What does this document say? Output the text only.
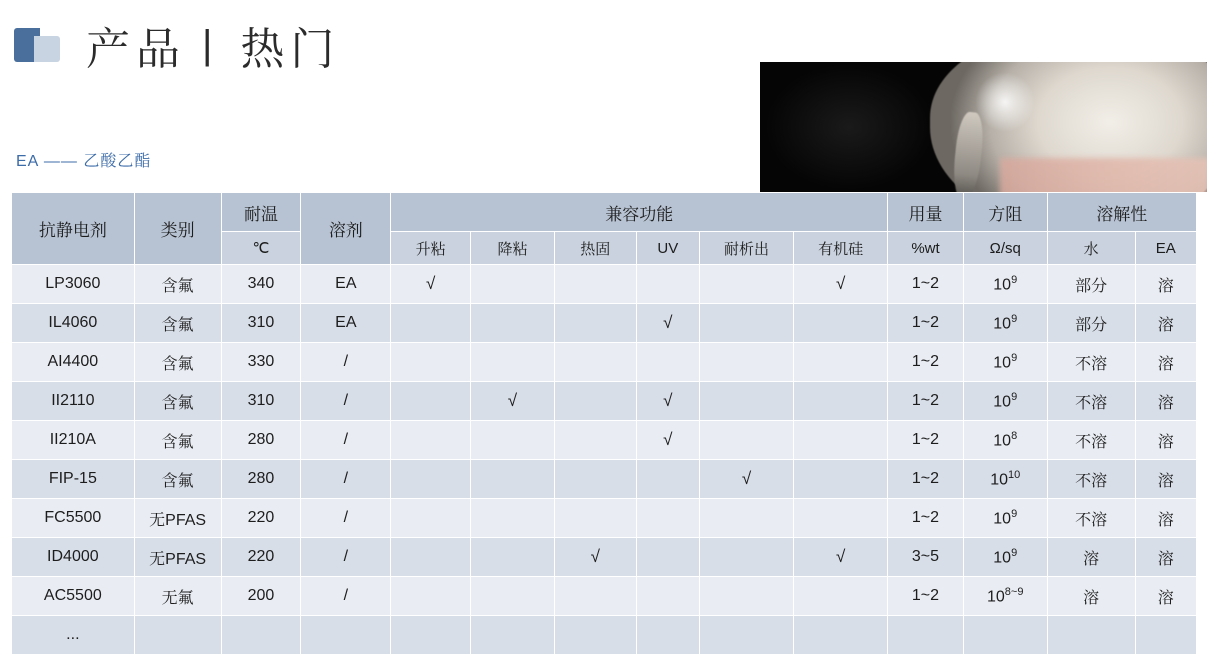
产品 | 热门
EA —— 乙酸乙酯
抗静电剂	类别	耐温	溶剂	兼容功能						用量	方阻	溶解性	
		℃		升粘	降粘	热固	UV	耐析出	有机硅	%wt	Ω/sq	水	EA
LP3060	含氟	340	EA	√					√	1~2	$10^9$	部分	溶
IL4060	含氟	310	EA				√			1~2	$10^9$	部分	溶
AI4400	含氟	330	/							1~2	$10^9$	不溶	溶
II2110	含氟	310	/		√		√			1~2	$10^9$	不溶	溶
II210A	含氟	280	/				√			1~2	$10^8$	不溶	溶
FIP-15	含氟	280	/					√		1~2	$10^{10}$	不溶	溶
FC5500	无PFAS	220	/							1~2	$10^9$	不溶	溶
ID4000	无PFAS	220	/			√			√	3~5	$10^9$	溶	溶
AC5500	无氟	200	/							1~2	$10^{8\sim 9}$	溶	溶
...													
